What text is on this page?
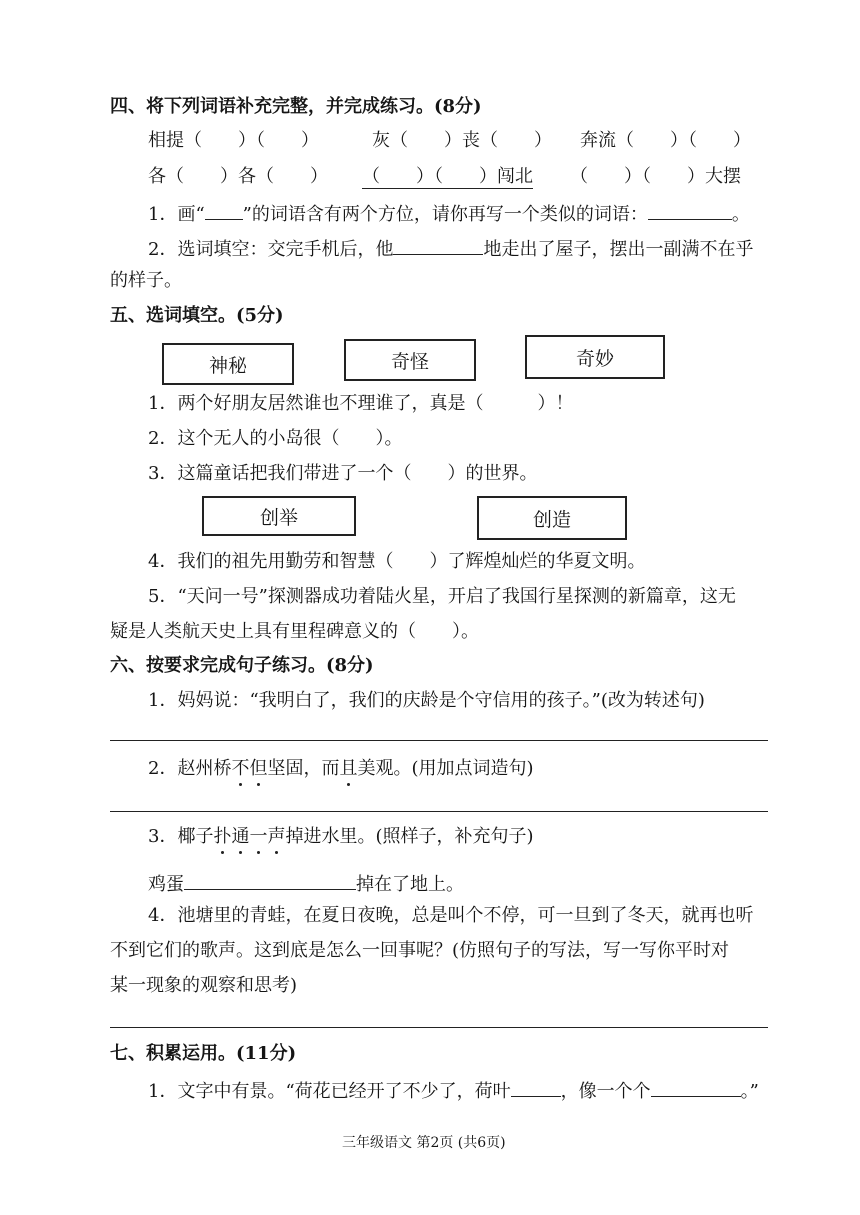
四、将下列词语补充完整，并完成练习。(8分)
相提（   ）（   ）	灰（   ）丧（   ） 奔流（   ）（   ）
各（   ）各（   ） （   ）（   ）闯北 （   ）（   ）大摆
1．画“ ”的词语含有两个方位，请你再写一个类似的词语：	。
2．选词填空：交完手机后，他	地走出了屋子，摆出一副满不在乎
的样子。
五、选词填空。(5分)
神秘	奇怪	奇妙
1．两个好朋友居然谁也不理谁了，真是（   	）！
2．这个无人的小岛很（   ）。
3．这篇童话把我们带进了一个（   ）的世界。
创举	创造
4．我们的祖先用勤劳和智慧（   ）了辉煌灿烂的华夏文明。
5．“天问一号”探测器成功着陆火星，开启了我国行星探测的新篇章，这无
疑是人类航天史上具有里程碑意义的（   ）。
六、按要求完成句子练习。(8分)
1．妈妈说：“我明白了，我们的庆龄是个守信用的孩子。”(改为转述句)
2．赵州桥不但坚固，而且美观。(用加点词造句)
3．椰子扑通一声掉进水里。(照样子，补充句子)
鸡蛋	掉在了地上。
4．池塘里的青蛙，在夏日夜晚，总是叫个不停，可一旦到了冬天，就再也听
不到它们的歌声。这到底是怎么一回事呢？(仿照句子的写法，写一写你平时对
某一现象的观察和思考)
七、积累运用。(11分)
1．文字中有景。“荷花已经开了不少了，荷叶	，像一个个	。”
三年级语文 第2页 (共6页)
